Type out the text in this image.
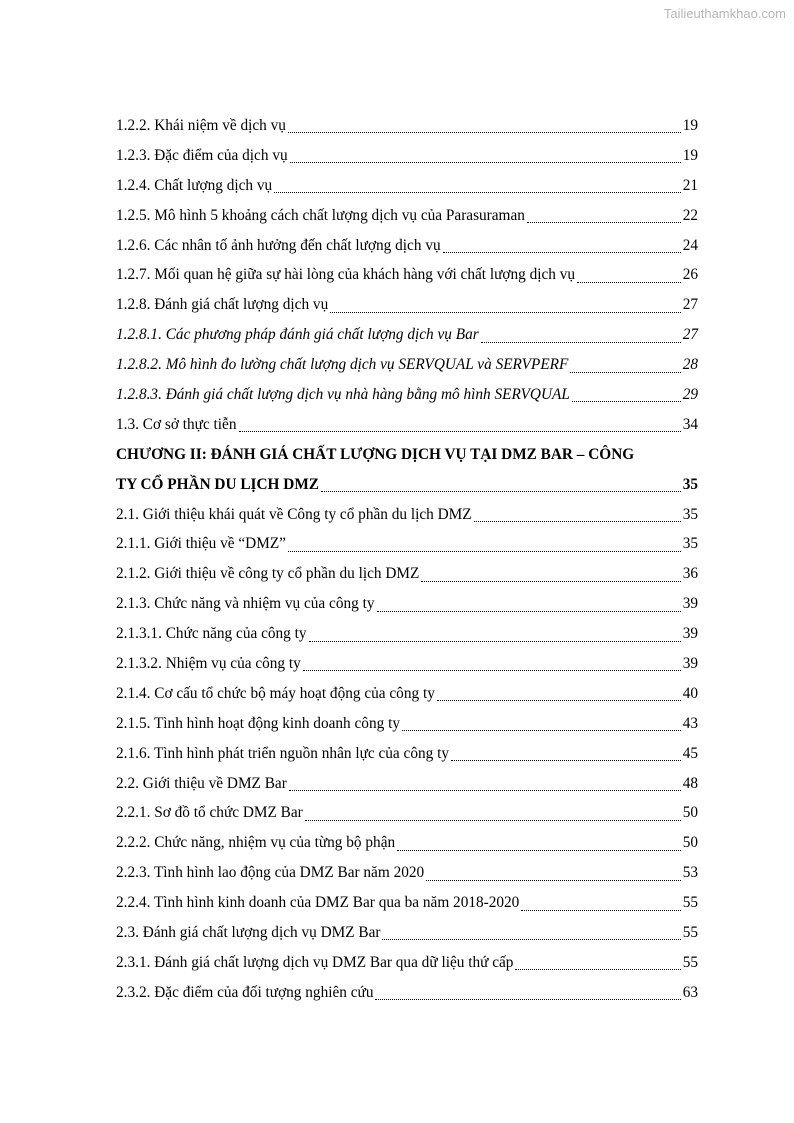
Tailieuthamkhao.com
1.2.2. Khái niệm về dịch vụ	19
1.2.3. Đặc điểm của dịch vụ	19
1.2.4. Chất lượng dịch vụ	21
1.2.5. Mô hình 5 khoảng cách chất lượng dịch vụ của Parasuraman	22
1.2.6. Các nhân tố ảnh hưởng đến chất lượng dịch vụ	24
1.2.7. Mối quan hệ giữa sự hài lòng của khách hàng với chất lượng dịch vụ	26
1.2.8. Đánh giá chất lượng dịch vụ	27
1.2.8.1. Các phương pháp đánh giá chất lượng dịch vụ Bar	27
1.2.8.2. Mô hình đo lường chất lượng dịch vụ SERVQUAL và SERVPERF	28
1.2.8.3. Đánh giá chất lượng dịch vụ nhà hàng bằng mô hình SERVQUAL	29
1.3. Cơ sở thực tiễn	34
CHƯƠNG II: ĐÁNH GIÁ CHẤT LƯỢNG DỊCH VỤ TẠI DMZ BAR – CÔNG
TY CỔ PHẦN DU LỊCH DMZ	35
2.1. Giới thiệu khái quát về Công ty cổ phần du lịch DMZ	35
2.1.1. Giới thiệu về “DMZ”	35
2.1.2. Giới thiệu về công ty cổ phần du lịch DMZ	36
2.1.3. Chức năng và nhiệm vụ của công ty	39
2.1.3.1. Chức năng của công ty	39
2.1.3.2. Nhiệm vụ của công ty	39
2.1.4. Cơ cấu tổ chức bộ máy hoạt động của công ty	40
2.1.5. Tình hình hoạt động kinh doanh công ty	43
2.1.6. Tình hình phát triển nguồn nhân lực của công ty	45
2.2. Giới thiệu về DMZ Bar	48
2.2.1. Sơ đồ tổ chức DMZ Bar	50
2.2.2. Chức năng, nhiệm vụ của từng bộ phận	50
2.2.3. Tình hình lao động của DMZ Bar năm 2020	53
2.2.4. Tình hình kinh doanh của DMZ Bar qua ba năm 2018-2020	55
2.3. Đánh giá chất lượng dịch vụ DMZ Bar	55
2.3.1. Đánh giá chất lượng dịch vụ DMZ Bar qua dữ liệu thứ cấp	55
2.3.2. Đặc điểm của đối tượng nghiên cứu	63
